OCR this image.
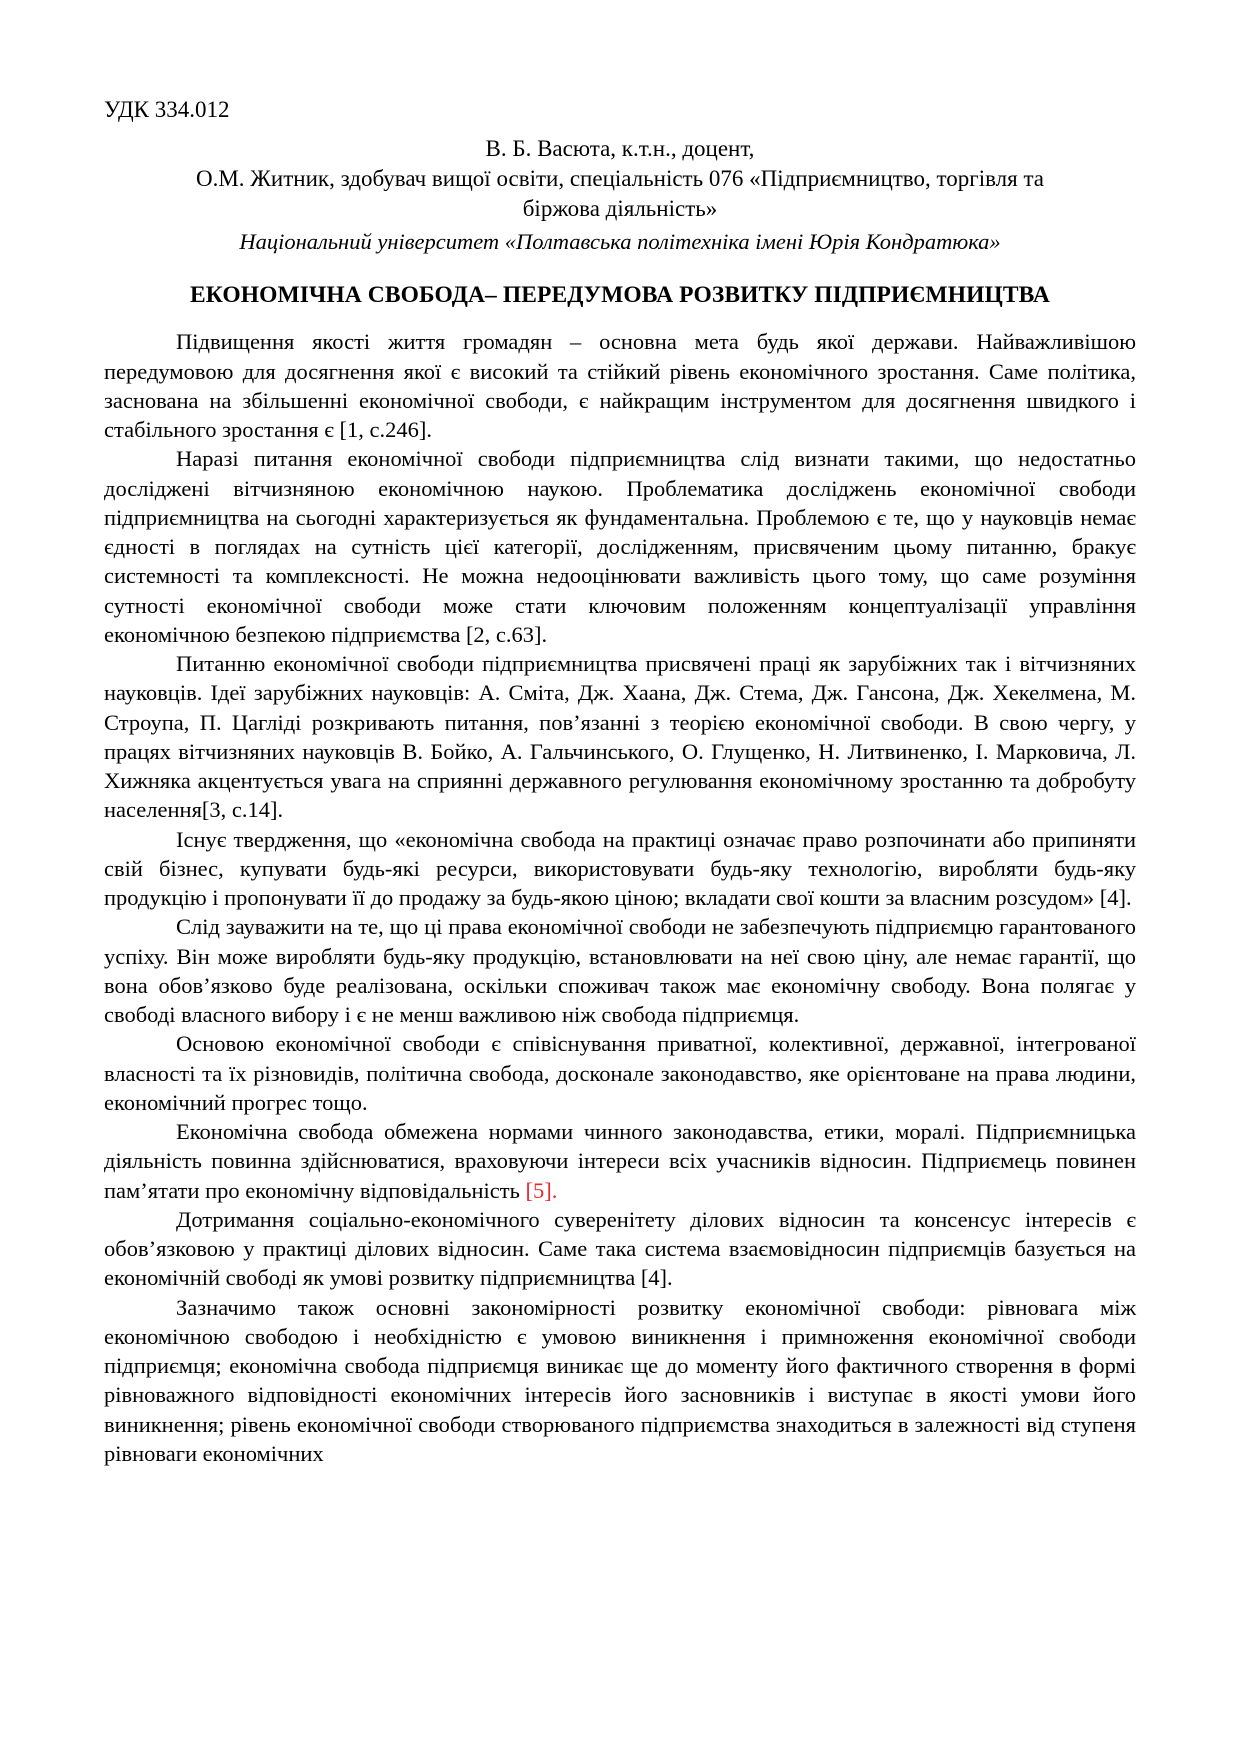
УДК 334.012
В. Б. Васюта, к.т.н., доцент,
О.М. Житник, здобувач вищої освіти, спеціальність 076 «Підприємництво, торгівля та
біржова діяльність»
Національний університет «Полтавська політехніка імені Юрія Кондратюка»
ЕКОНОМІЧНА СВОБОДА– ПЕРЕДУМОВА РОЗВИТКУ ПІДПРИЄМНИЦТВА

Підвищення якості життя громадян – основна мета будь якої держави. Найважливішою передумовою для досягнення якої є високий та стійкий рівень економічного зростання. Саме політика, заснована на збільшенні економічної свободи, є найкращим інструментом для досягнення швидкого і стабільного зростання є [1, с.246].

Наразі питання економічної свободи підприємництва слід визнати такими, що недостатньо досліджені вітчизняною економічною наукою. Проблематика досліджень економічної свободи підприємництва на сьогодні характеризується як фундаментальна. Проблемою є те, що у науковців немає єдності в поглядах на сутність цієї категорії, дослідженням, присвяченим цьому питанню, бракує системності та комплексності. Не можна недооцінювати важливість цього тому, що саме розуміння сутності економічної свободи може стати ключовим положенням концептуалізації управління економічною безпекою підприємства [2, с.63].

Питанню економічної свободи підприємництва присвячені праці як зарубіжних так і вітчизняних науковців. Ідеї зарубіжних науковців: А. Сміта, Дж. Хаана, Дж. Стема, Дж. Гансона, Дж. Хекелмена, М. Строупа, П. Цагліді розкривають питання, пов’язанні з теорією економічної свободи. В свою чергу, у працях вітчизняних науковців В. Бойко, А. Гальчинського, О. Глущенко, Н. Литвиненко, І. Марковича, Л. Хижняка акцентується увага на сприянні державного регулювання економічному зростанню та добробуту населення[3, с.14].

Існує твердження, що «економічна свобода на практиці означає право розпочинати або припиняти свій бізнес, купувати будь-які ресурси, використовувати будь-яку технологію, виробляти будь-яку продукцію і пропонувати її до продажу за будь-якою ціною; вкладати свої кошти за власним розсудом» [4].

Слід зауважити на те, що ці права економічної свободи не забезпечують підприємцю гарантованого успіху. Він може виробляти будь-яку продукцію, встановлювати на неї свою ціну, але немає гарантії, що вона обов’язково буде реалізована, оскільки споживач також має економічну свободу. Вона полягає у свободі власного вибору і є не менш важливою ніж свобода підприємця.

Основою економічної свободи є співіснування приватної, колективної, державної, інтегрованої власності та їх різновидів, політична свобода, досконале законодавство, яке орієнтоване на права людини, економічний прогрес тощо.

Економічна свобода обмежена нормами чинного законодавства, етики, моралі. Підприємницька діяльність повинна здійснюватися, враховуючи інтереси всіх учасників відносин. Підприємець повинен пам’ятати про економічну відповідальність [5].

Дотримання соціально-економічного суверенітету ділових відносин та консенсус інтересів є обов’язковою у практиці ділових відносин. Саме така система взаємовідносин підприємців базується на економічній свободі як умові розвитку підприємництва [4].

Зазначимо також основні закономірності розвитку економічної свободи: рівновага між економічною свободою і необхідністю є умовою виникнення і примноження економічної свободи підприємця; економічна свобода підприємця виникає ще до моменту його фактичного створення в формі рівноважного відповідності економічних інтересів його засновників і виступає в якості умови його виникнення; рівень економічної свободи створюваного підприємства знаходиться в залежності від ступеня рівноваги економічних
